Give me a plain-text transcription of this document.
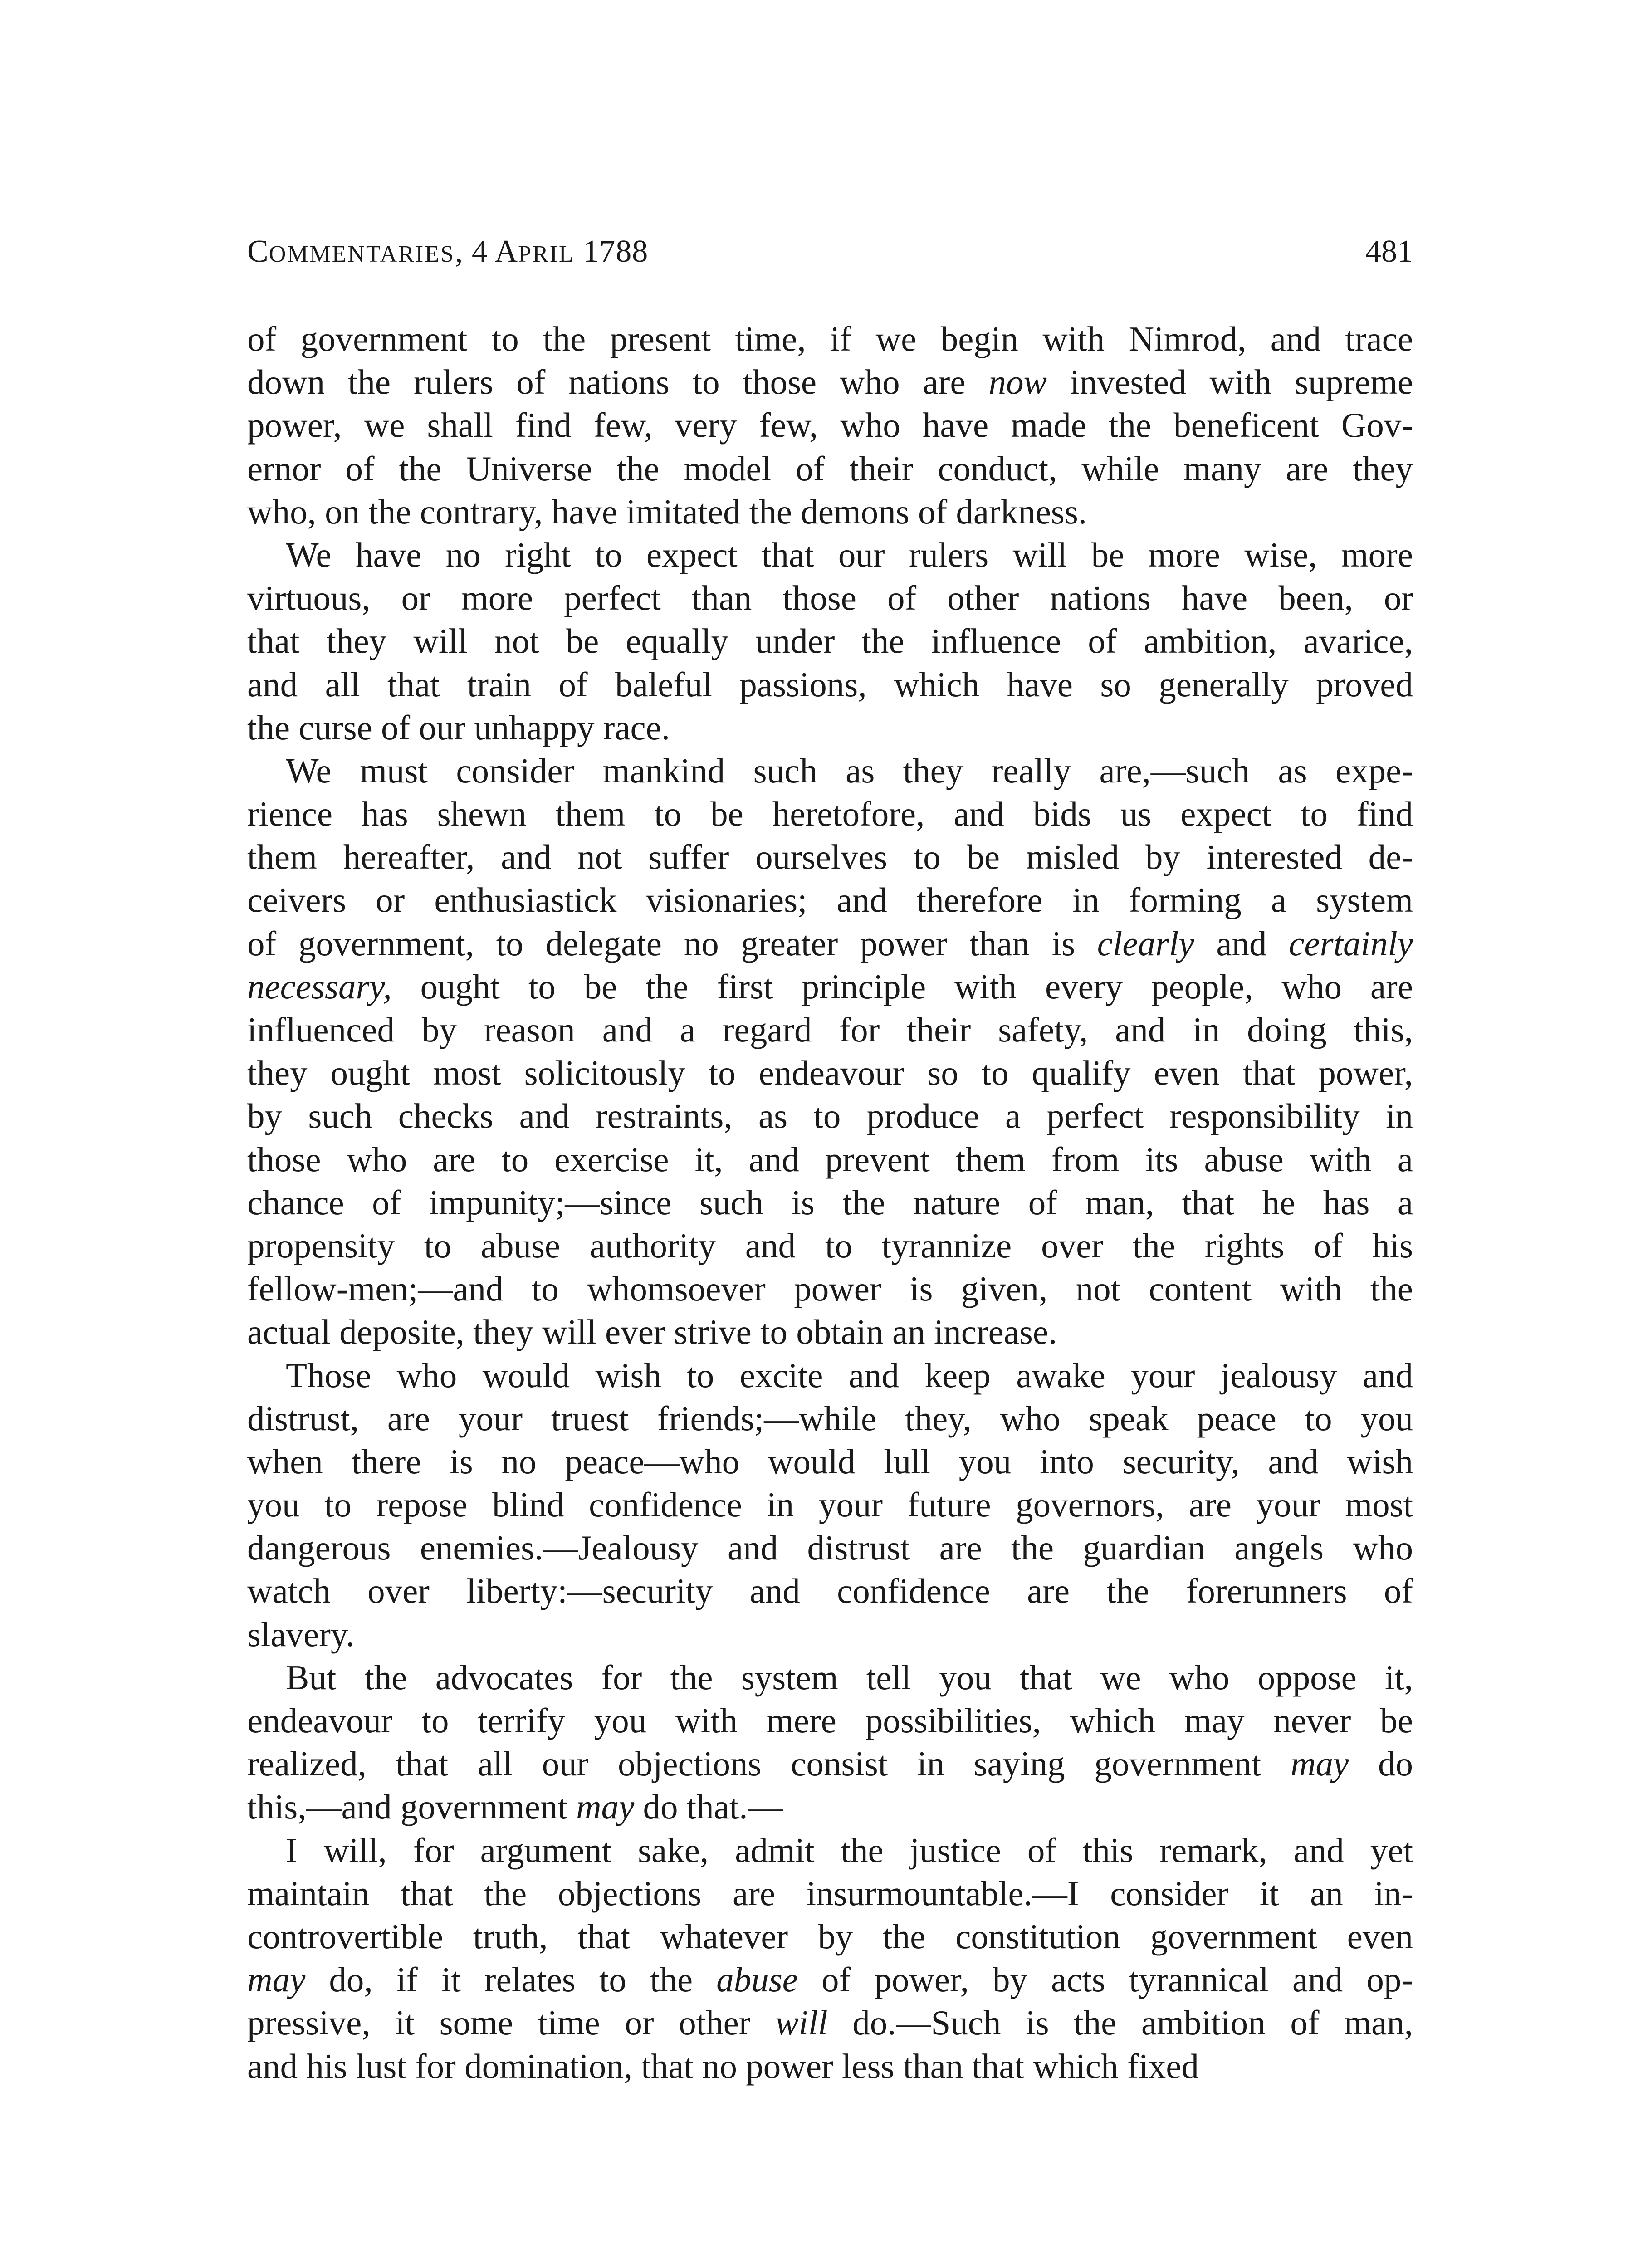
COMMENTARIES, 4 APRIL 1788	481
of government to the present time, if we begin with Nimrod, and trace
down the rulers of nations to those who are now invested with supreme
power, we shall find few, very few, who have made the beneficent Gov-
ernor of the Universe the model of their conduct, while many are they
who, on the contrary, have imitated the demons of darkness.
We have no right to expect that our rulers will be more wise, more
virtuous, or more perfect than those of other nations have been, or
that they will not be equally under the influence of ambition, avarice,
and all that train of baleful passions, which have so generally proved
the curse of our unhappy race.
We must consider mankind such as they really are,—such as expe-
rience has shewn them to be heretofore, and bids us expect to find
them hereafter, and not suffer ourselves to be misled by interested de-
ceivers or enthusiastick visionaries; and therefore in forming a system
of government, to delegate no greater power than is clearly and certainly
necessary, ought to be the first principle with every people, who are
influenced by reason and a regard for their safety, and in doing this,
they ought most solicitously to endeavour so to qualify even that power,
by such checks and restraints, as to produce a perfect responsibility in
those who are to exercise it, and prevent them from its abuse with a
chance of impunity;—since such is the nature of man, that he has a
propensity to abuse authority and to tyrannize over the rights of his
fellow-men;—and to whomsoever power is given, not content with the
actual deposite, they will ever strive to obtain an increase.
Those who would wish to excite and keep awake your jealousy and
distrust, are your truest friends;—while they, who speak peace to you
when there is no peace—who would lull you into security, and wish
you to repose blind confidence in your future governors, are your most
dangerous enemies.—Jealousy and distrust are the guardian angels who
watch over liberty:—security and confidence are the forerunners of
slavery.
But the advocates for the system tell you that we who oppose it,
endeavour to terrify you with mere possibilities, which may never be
realized, that all our objections consist in saying government may do
this,—and government may do that.—
I will, for argument sake, admit the justice of this remark, and yet
maintain that the objections are insurmountable.—I consider it an in-
controvertible truth, that whatever by the constitution government even
may do, if it relates to the abuse of power, by acts tyrannical and op-
pressive, it some time or other will do.—Such is the ambition of man,
and his lust for domination, that no power less than that which fixed
